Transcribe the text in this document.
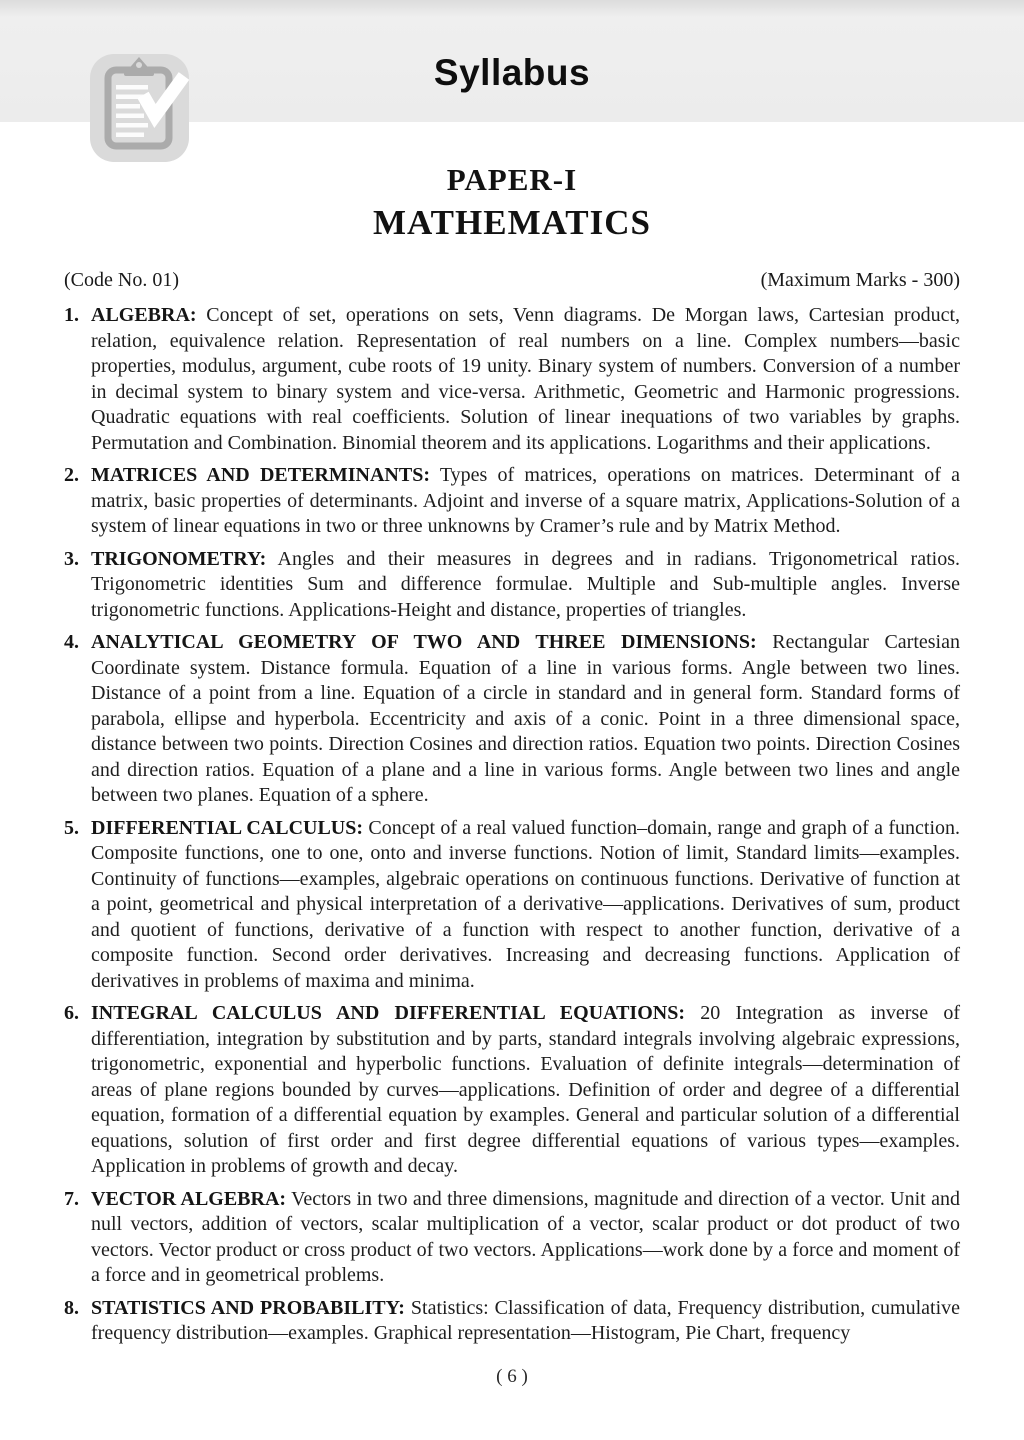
Syllabus
PAPER-I
MATHEMATICS
(Code No. 01)	(Maximum Marks - 300)
1. ALGEBRA: Concept of set, operations on sets, Venn diagrams. De Morgan laws, Cartesian product, relation, equivalence relation. Representation of real numbers on a line. Complex numbers—basic properties, modulus, argument, cube roots of 19 unity. Binary system of numbers. Conversion of a number in decimal system to binary system and vice-versa. Arithmetic, Geometric and Harmonic progressions. Quadratic equations with real coefficients. Solution of linear inequations of two variables by graphs. Permutation and Combination. Binomial theorem and its applications. Logarithms and their applications.

2. MATRICES AND DETERMINANTS: Types of matrices, operations on matrices. Determinant of a matrix, basic properties of determinants. Adjoint and inverse of a square matrix, Applications-Solution of a system of linear equations in two or three unknowns by Cramer’s rule and by Matrix Method.

3. TRIGONOMETRY: Angles and their measures in degrees and in radians. Trigonometrical ratios. Trigonometric identities Sum and difference formulae. Multiple and Sub-multiple angles. Inverse trigonometric functions. Applications-Height and distance, properties of triangles.

4. ANALYTICAL GEOMETRY OF TWO AND THREE DIMENSIONS: Rectangular Cartesian Coordinate system. Distance formula. Equation of a line in various forms. Angle between two lines. Distance of a point from a line. Equation of a circle in standard and in general form. Standard forms of parabola, ellipse and hyperbola. Eccentricity and axis of a conic. Point in a three dimensional space, distance between two points. Direction Cosines and direction ratios. Equation two points. Direction Cosines and direction ratios. Equation of a plane and a line in various forms. Angle between two lines and angle between two planes. Equation of a sphere.

5. DIFFERENTIAL CALCULUS: Concept of a real valued function–domain, range and graph of a function. Composite functions, one to one, onto and inverse functions. Notion of limit, Standard limits—examples. Continuity of functions—examples, algebraic operations on continuous functions. Derivative of function at a point, geometrical and physical interpretation of a derivative—applications. Derivatives of sum, product and quotient of functions, derivative of a function with respect to another function, derivative of a composite function. Second order derivatives. Increasing and decreasing functions. Application of derivatives in problems of maxima and minima.

6. INTEGRAL CALCULUS AND DIFFERENTIAL EQUATIONS: 20 Integration as inverse of differentiation, integration by substitution and by parts, standard integrals involving algebraic expressions, trigonometric, exponential and hyperbolic functions. Evaluation of definite integrals—determination of areas of plane regions bounded by curves—applications. Definition of order and degree of a differential equation, formation of a differential equation by examples. General and particular solution of a differential equations, solution of first order and first degree differential equations of various types—examples. Application in problems of growth and decay.

7. VECTOR ALGEBRA: Vectors in two and three dimensions, magnitude and direction of a vector. Unit and null vectors, addition of vectors, scalar multiplication of a vector, scalar product or dot product of two vectors. Vector product or cross product of two vectors. Applications—work done by a force and moment of a force and in geometrical problems.

8. STATISTICS AND PROBABILITY: Statistics: Classification of data, Frequency distribution, cumulative frequency distribution—examples. Graphical representation—Histogram, Pie Chart, frequency

( 6 )
